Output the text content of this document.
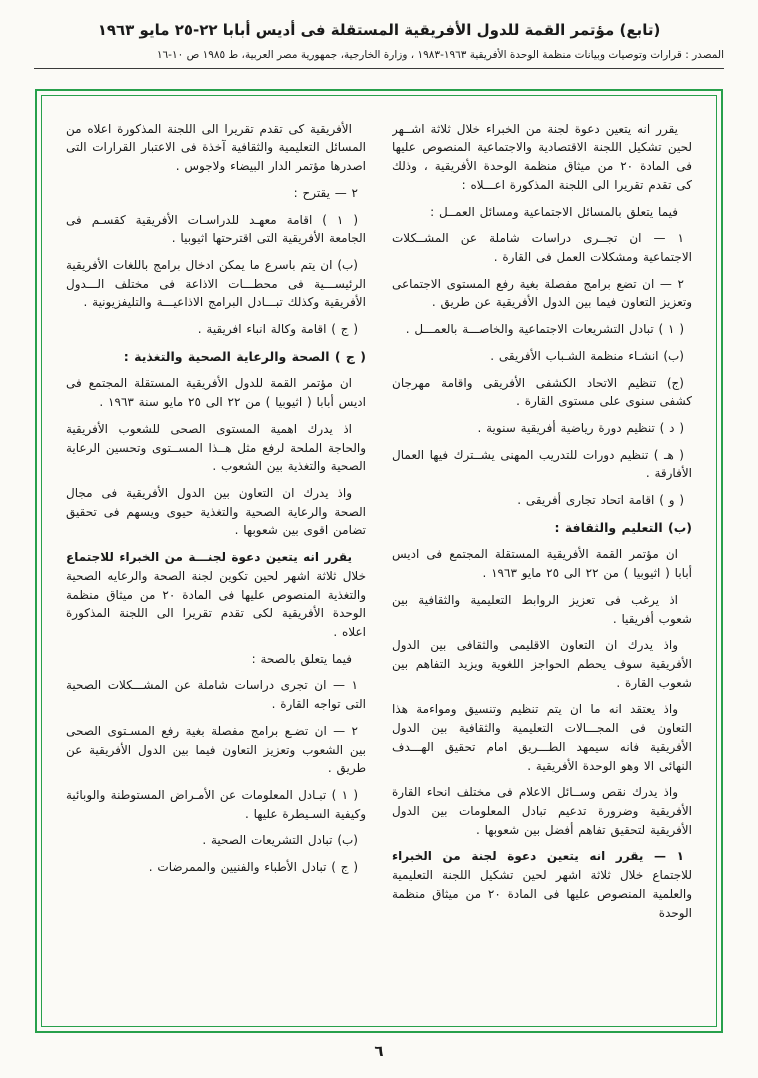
(تابع) مؤتمر القمة للدول الأفريقية المستقلة فى أديس أبابا ٢٢-٢٥ مايو ١٩٦٣
المصدر : قرارات وتوصيات وبيانات منظمة الوحدة الأفريقية ١٩٦٣-١٩٨٣ ، وزارة الخارجية، جمهورية مصر العربية، ط ١٩٨٥ ص ١٠-١٦

يقرر انه يتعين دعوة لجنة من الخبراء خلال ثلاثة اشــهر لحين تشكيل اللجنة الاقتصادية والاجتماعية المنصوص عليها فى المادة ٢٠ من ميثاق منظمة الوحدة الأفريقية ، وذلك كى تقدم تقريرا الى اللجنة المذكورة اعـــلاه :

فيما يتعلق بالمسائل الاجتماعية ومسائل العمــل :

١ — ان تجــرى دراسات شاملة عن المشــكلات الاجتماعية ومشكلات العمل فى القارة .

٢ — ان تضع برامج مفصلة بغية رفع المستوى الاجتماعى وتعزيز التعاون فيما بين الدول الأفريقية عن طريق .

( ١ ) تبادل التشريعات الاجتماعية والخاصـــة بالعمـــل .

(ب) انشـاء منظمة الشـباب الأفريقى .

(ج) تنظيم الاتحاد الكشفى الأفريقى واقامة مهرجان كشفى سنوى على مستوى القارة .

( د ) تنظيم دورة رياضية أفريقية سنوية .

( هـ ) تنظيم دورات للتدريب المهنى يشــترك فيها العمال الأفارقة .

( و ) اقامة اتحاد تجارى أفريقى .

(ب) التعليم والثقافة :

ان مؤتمر القمة الأفريقية المستقلة المجتمع فى اديس أبابا ( اثيوبيا ) من ٢٢ الى ٢٥ مايو ١٩٦٣ .

اذ يرغب فى تعزيز الروابط التعليمية والثقافية بين شعوب أفريقيا .

واذ يدرك ان التعاون الاقليمى والثقافى بين الدول الأفريقية سوف يحطم الحواجز اللغوية ويزيد التفاهم بين شعوب القارة .

واذ يعتقد انه ما ان يتم تنظيم وتنسيق ومواءمة هذا التعاون فى المجـــالات التعليمية والثقافية بين الدول الأفريقية فانه سيمهد الطـــريق امام تحقيق الهـــدف النهائى الا وهو الوحدة الأفريقية .

واذ يدرك نقص وســائل الاعلام فى مختلف انحاء القارة الأفريقية وضرورة تدعيم تبادل المعلومات بين الدول الأفريقية لتحقيق تفاهم أفضل بين شعوبها .

١ — يقرر انه يتعين دعوة لجنة من الخبراء للاجتماع خلال ثلاثة اشهر لحين تشكيل اللجنة التعليمية والعلمية المنصوص عليها فى المادة ٢٠ من ميثاق منظمة الوحدة

الأفريقية كى تقدم تقريرا الى اللجنة المذكورة اعلاه من المسائل التعليمية والثقافية آخذة فى الاعتبار القرارات التى اصدرها مؤتمر الدار البيضاء ولاجوس .

٢ — يقترح :

( ١ ) اقامة معهـد للدراسـات الأفريقية كقسـم فى الجامعة الأفريقية التى اقترحتها اثيوبيا .

(ب) ان يتم باسرع ما يمكن ادخال برامج باللغات الأفريقية الرئيســـية فى محطـــات الاذاعة فى مختلف الـــدول الأفريقية وكذلك تبـــادل البرامج الاذاعيـــة والتليفزيونية .

( ج ) اقامة وكالة انباء افريقية .

( ج ) الصحة والرعاية الصحية والتغذية :

ان مؤتمر القمة للدول الأفريقية المستقلة المجتمع فى اديس أبابا ( اثيوبيا ) من ٢٢ الى ٢٥ مايو سنة ١٩٦٣ .

اذ يدرك اهمية المستوى الصحى للشعوب الأفريقية والحاجة الملحة لرفع مثل هــذا المســتوى وتحسين الرعاية الصحية والتغذية بين الشعوب .

واذ يدرك ان التعاون بين الدول الأفريقية فى مجال الصحة والرعاية الصحية والتغذية حيوى ويسهم فى تحقيق تضامن اقوى بين شعوبها .

يقرر انه يتعين دعوة لجنـــة من الخبراء للاجتماع خلال ثلاثة اشهر لحين تكوين لجنة الصحة والرعايه الصحية والتغذية المنصوص عليها فى المادة ٢٠ من ميثاق منظمة الوحدة الأفريقية لكى تقدم تقريرا الى اللجنة المذكورة اعلاه .

فيما يتعلق بالصحة :

١ — ان تجرى دراسات شاملة عن المشـــكلات الصحية التى تواجه القارة .

٢ — ان تضـع برامج مفصلة بغية رفع المسـتوى الصحى بين الشعوب وتعزيز التعاون فيما بين الدول الأفريقية عن طريق .

( ١ ) تبـادل المعلومات عن الأمـراض المستوطنة والوبائية وكيفية السـيطرة عليها .

(ب) تبادل التشريعات الصحية .

( ج ) تبادل الأطباء والفنيين والممرضات .

٦
